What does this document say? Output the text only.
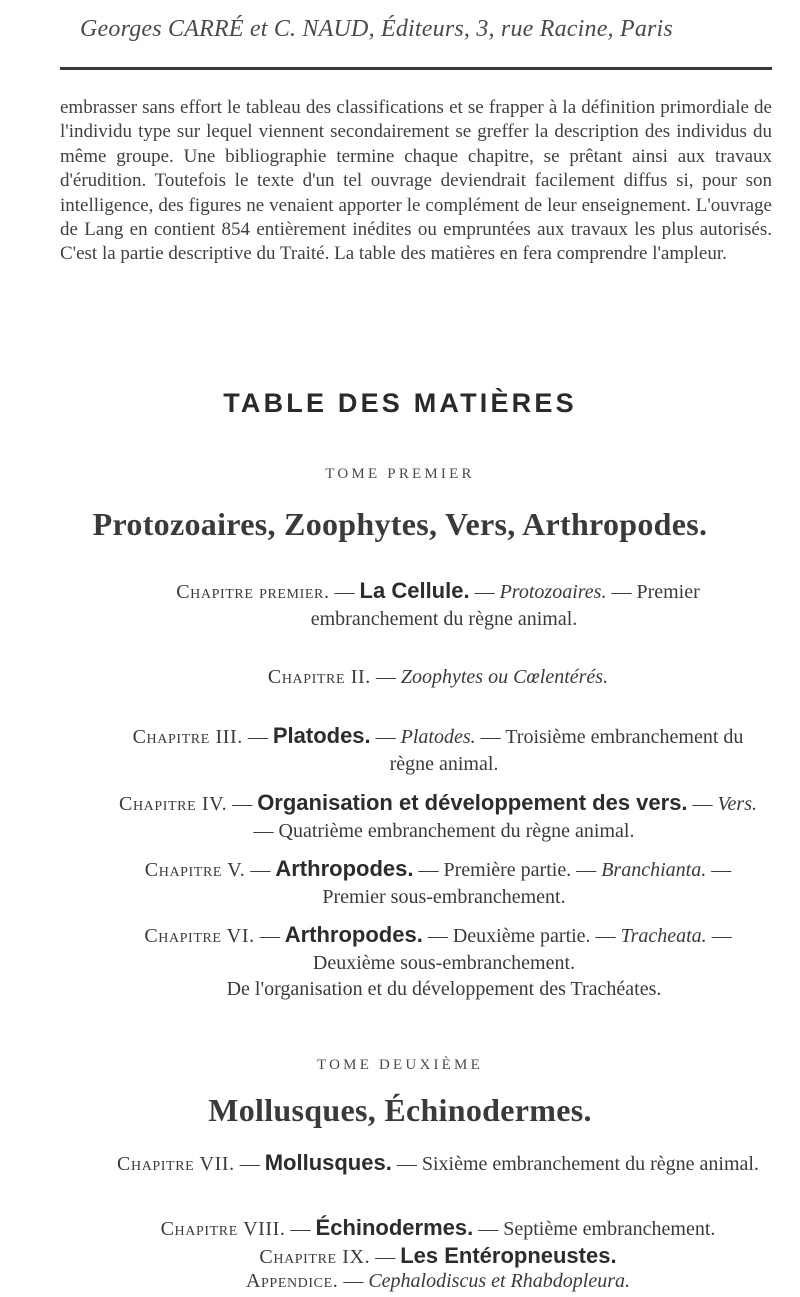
Georges CARRÉ et C. NAUD, Éditeurs, 3, rue Racine, Paris

embrasser sans effort le tableau des classifications et se frapper à la définition primordiale de l'individu type sur lequel viennent secondairement se greffer la description des individus du même groupe. Une bibliographie termine chaque chapitre, se prêtant ainsi aux travaux d'érudition. Toutefois le texte d'un tel ouvrage deviendrait facilement diffus si, pour son intelligence, des figures ne venaient apporter le complément de leur enseignement. L'ouvrage de Lang en contient 854 entièrement inédites ou empruntées aux travaux les plus autorisés. C'est la partie descriptive du Traité. La table des matières en fera comprendre l'ampleur.

TABLE DES MATIÈRES
TOME PREMIER
Protozoaires, Zoophytes, Vers, Arthropodes.
Chapitre premier. — La Cellule. — Protozoaires. — Premier embranchement du règne animal.
Chapitre II. — Zoophytes ou Cœlentérés.
Chapitre III. — Platodes. — Platodes. — Troisième embranchement du règne animal.
Chapitre IV. — Organisation et développement des vers. — Vers. — Quatrième embranchement du règne animal.
Chapitre V. — Arthropodes. — Première partie. — Branchianta. — Premier sous-embranchement.
Chapitre VI. — Arthropodes. — Deuxième partie. — Tracheata. — Deuxième sous-embranchement.
De l'organisation et du développement des Trachéates.
TOME DEUXIÈME
Mollusques, Échinodermes.
Chapitre VII. — Mollusques. — Sixième embranchement du règne animal.
Chapitre VIII. — Échinodermes. — Septième embranchement.
Chapitre IX. — Les Entéropneustes.
Appendice. — Cephalodiscus et Rhabdopleura.
